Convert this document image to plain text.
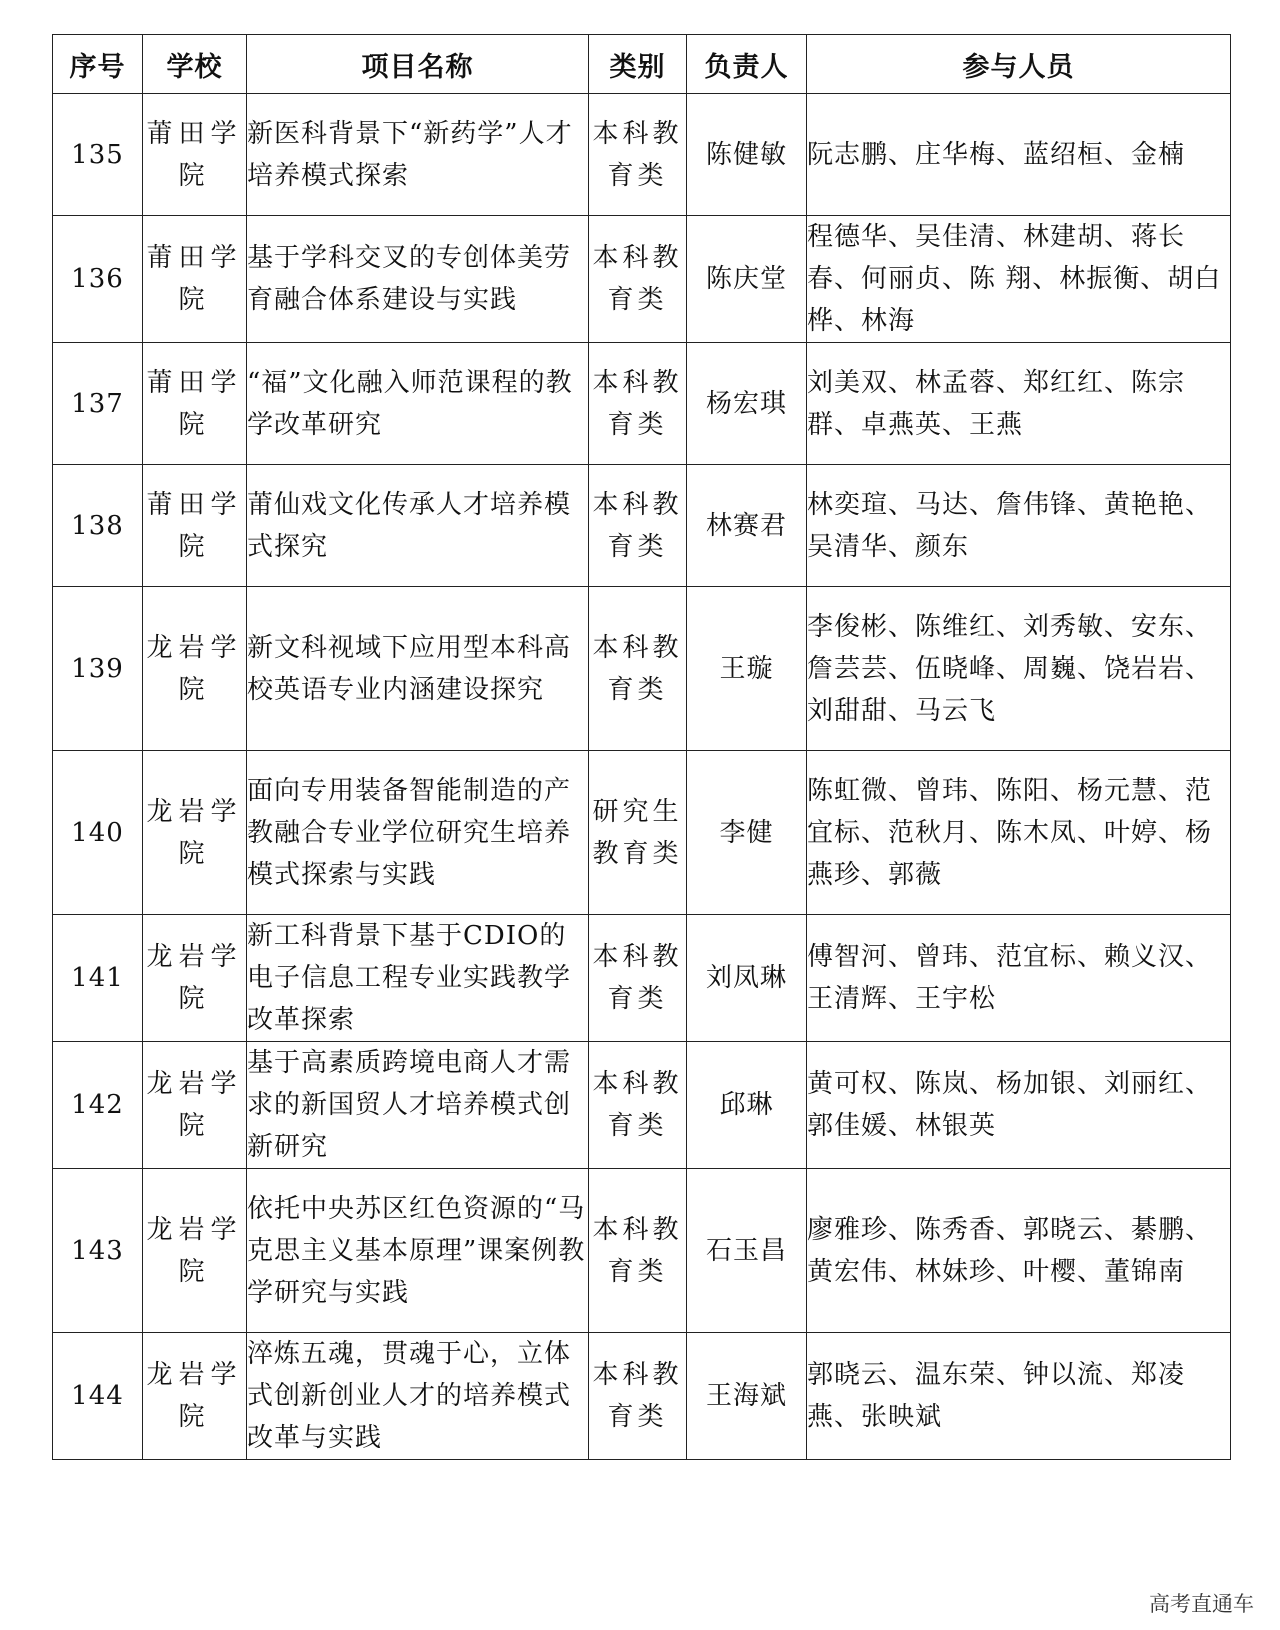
序号	学校	项目名称	类别	负责人	参与人员
135	莆田学院	新医科背景下“新药学”人才培养模式探索	本科教育类	陈健敏	阮志鹏、庄华梅、蓝绍桓、金楠

136	莆田学院	基于学科交叉的专创体美劳育融合体系建设与实践	本科教育类	陈庆堂	程德华、吴佳清、林建胡、蒋长春、何丽贞、陈 翔、林振衡、胡白桦、林海

137	莆田学院	“福”文化融入师范课程的教学改革研究	本科教育类	杨宏琪	刘美双、林孟蓉、郑红红、陈宗群、卓燕英、王燕

138	莆田学院	莆仙戏文化传承人才培养模式探究	本科教育类	林赛君	林奕瑄、马达、詹伟锋、黄艳艳、吴清华、颜东

139	龙岩学院	新文科视域下应用型本科高校英语专业内涵建设探究	本科教育类	王璇	李俊彬、陈维红、刘秀敏、安东、詹芸芸、伍晓峰、周巍、饶岩岩、刘甜甜、马云飞

140	龙岩学院	面向专用装备智能制造的产教融合专业学位研究生培养模式探索与实践	研究生教育类	李健	陈虹微、曾玮、陈阳、杨元慧、范宜标、范秋月、陈木凤、叶婷、杨燕珍、郭薇

141	龙岩学院	新工科背景下基于CDIO的电子信息工程专业实践教学改革探索	本科教育类	刘凤琳	傅智河、曾玮、范宜标、赖义汉、王清辉、王宇松

142	龙岩学院	基于高素质跨境电商人才需求的新国贸人才培养模式创新研究	本科教育类	邱琳	黄可权、陈岚、杨加银、刘丽红、郭佳媛、林银英

143	龙岩学院	依托中央苏区红色资源的“马克思主义基本原理”课案例教学研究与实践	本科教育类	石玉昌	廖雅珍、陈秀香、郭晓云、綦鹏、黄宏伟、林妹珍、叶樱、董锦南

144	龙岩学院	淬炼五魂，贯魂于心，立体式创新创业人才的培养模式改革与实践	本科教育类	王海斌	郭晓云、温东荣、钟以流、郑凌燕、张映斌
高考直通车
